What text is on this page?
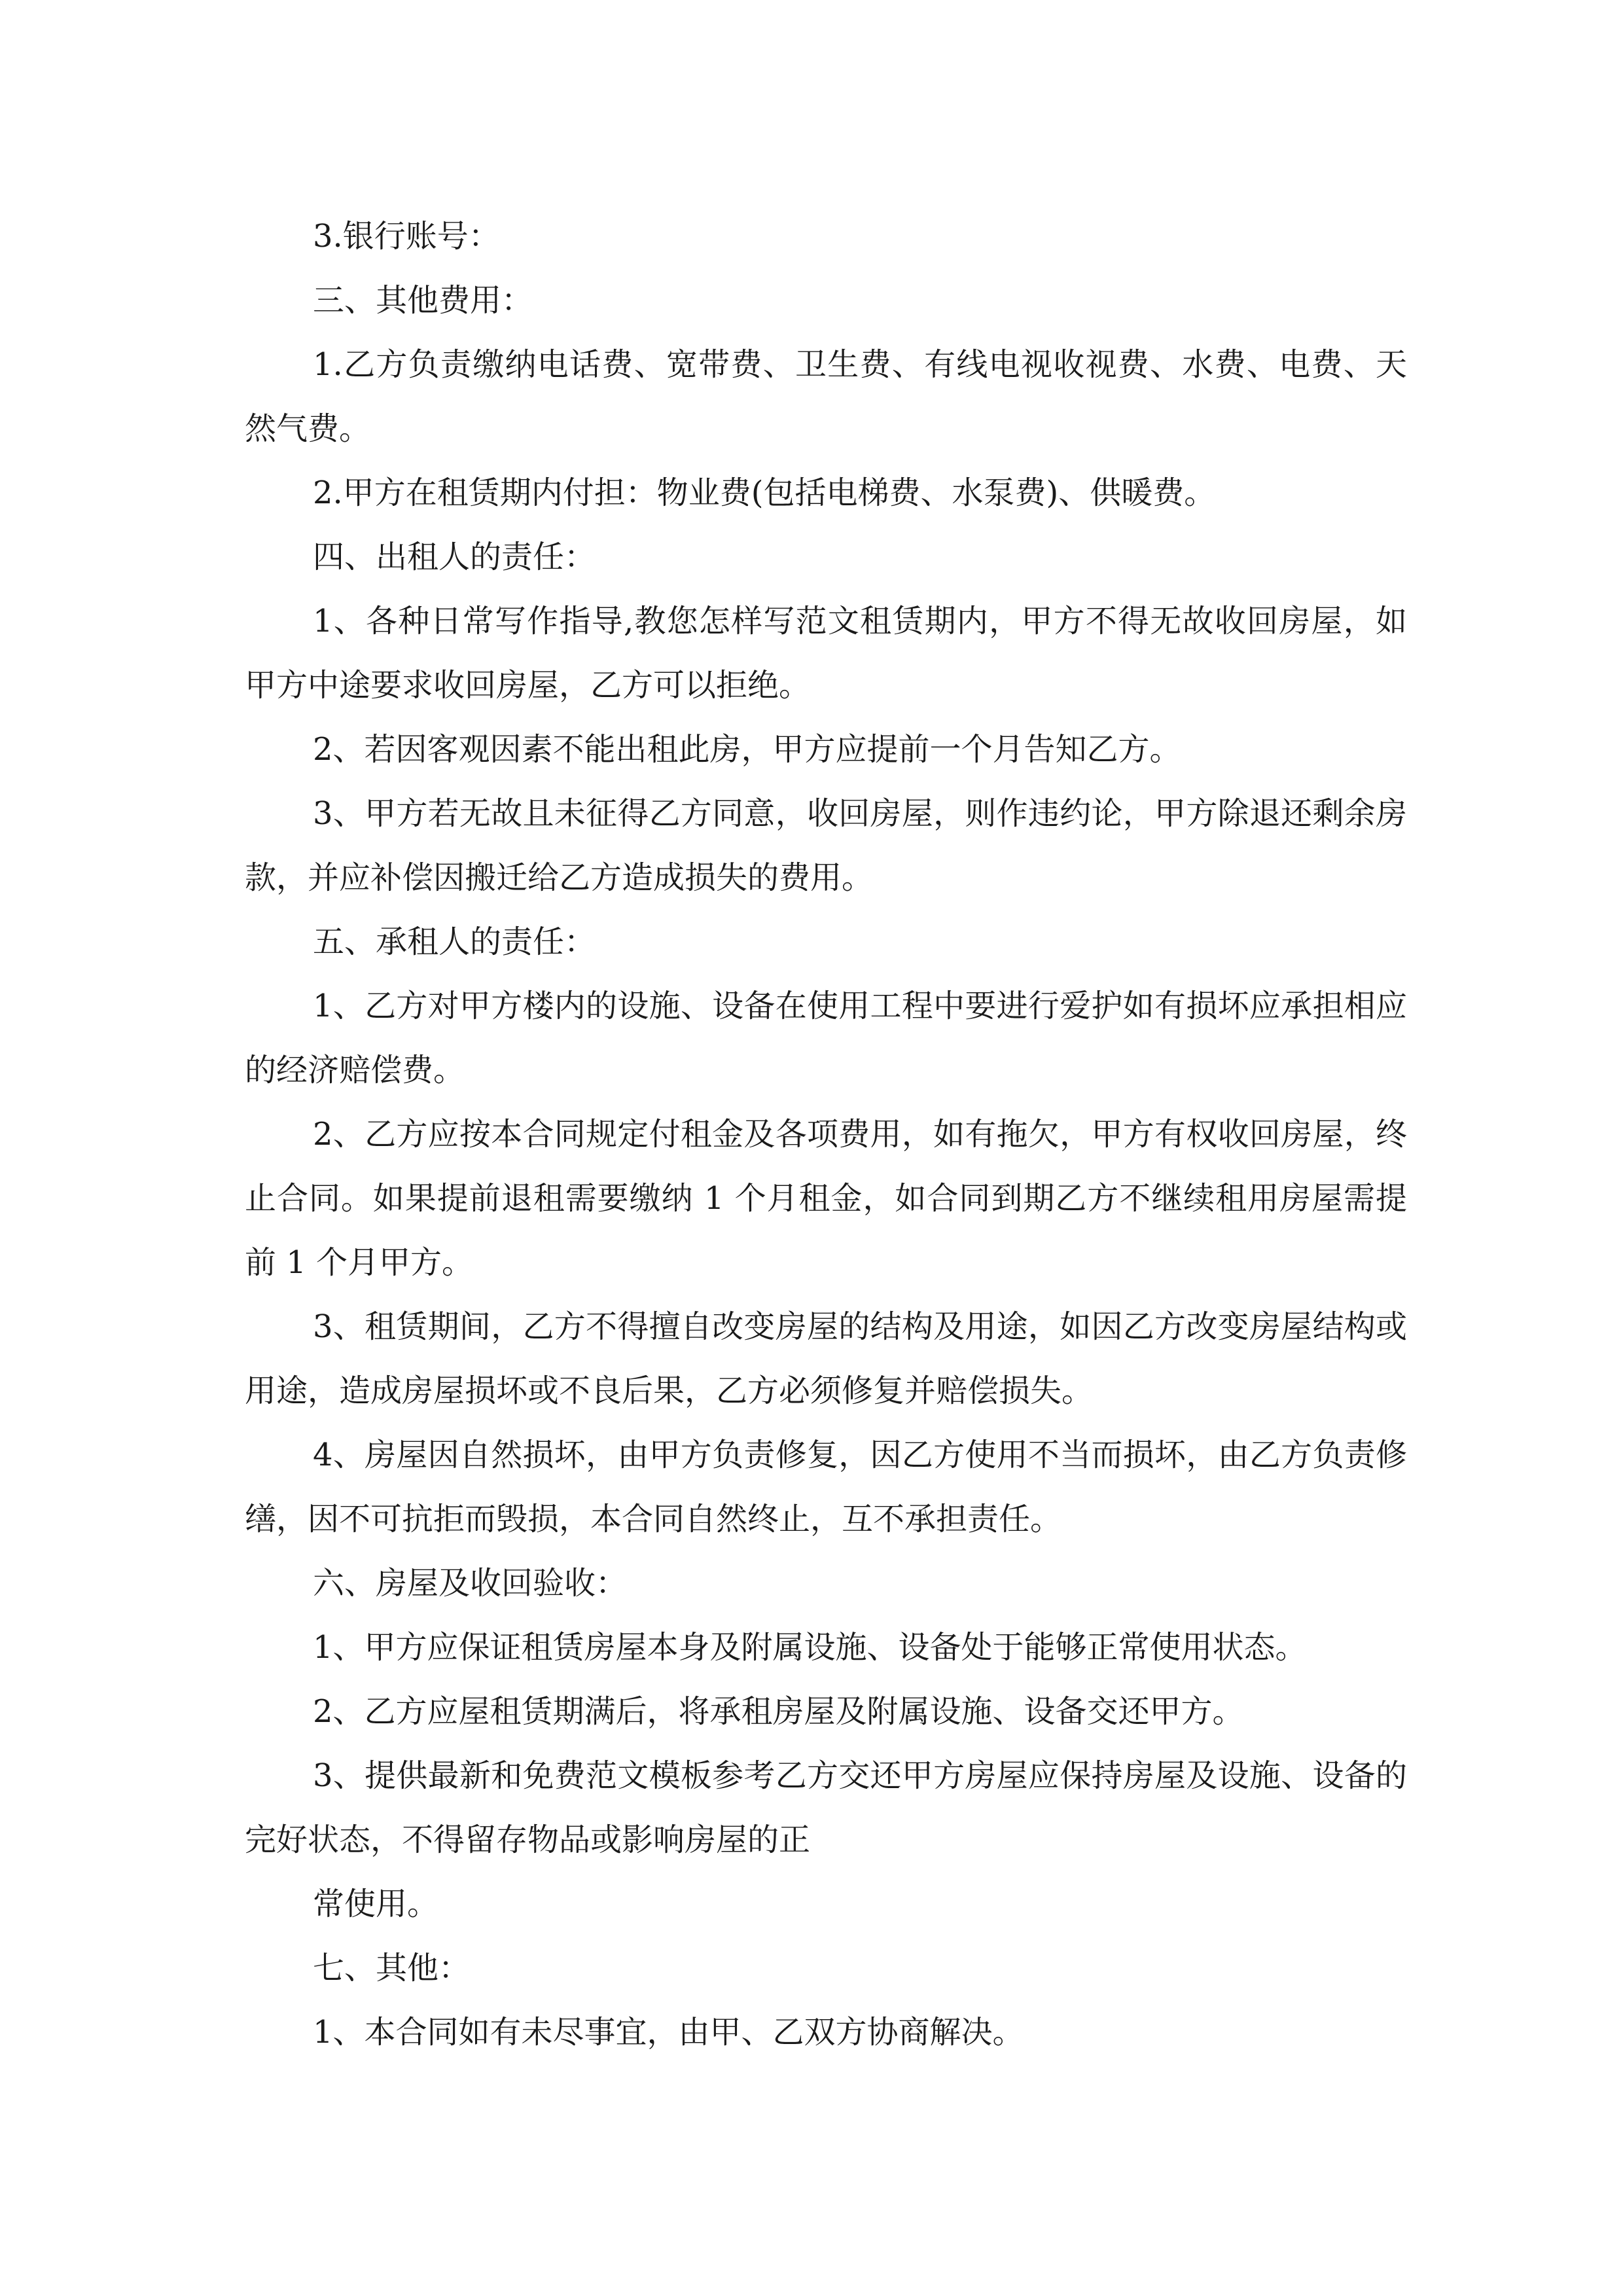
3.银行账号：

三、其他费用：

1.乙方负责缴纳电话费、宽带费、卫生费、有线电视收视费、水费、电费、天然气费。

2.甲方在租赁期内付担：物业费(包括电梯费、水泵费)、供暖费。

四、出租人的责任：

1、各种日常写作指导,教您怎样写范文租赁期内，甲方不得无故收回房屋，如甲方中途要求收回房屋，乙方可以拒绝。

2、若因客观因素不能出租此房，甲方应提前一个月告知乙方。

3、甲方若无故且未征得乙方同意，收回房屋，则作违约论，甲方除退还剩余房款，并应补偿因搬迁给乙方造成损失的费用。

五、承租人的责任：

1、乙方对甲方楼内的设施、设备在使用工程中要进行爱护如有损坏应承担相应的经济赔偿费。

2、乙方应按本合同规定付租金及各项费用，如有拖欠，甲方有权收回房屋，终止合同。如果提前退租需要缴纳 1 个月租金，如合同到期乙方不继续租用房屋需提前 1 个月甲方。

3、租赁期间，乙方不得擅自改变房屋的结构及用途，如因乙方改变房屋结构或用途，造成房屋损坏或不良后果，乙方必须修复并赔偿损失。

4、房屋因自然损坏，由甲方负责修复，因乙方使用不当而损坏，由乙方负责修缮，因不可抗拒而毁损，本合同自然终止，互不承担责任。

六、房屋及收回验收：

1、甲方应保证租赁房屋本身及附属设施、设备处于能够正常使用状态。

2、乙方应屋租赁期满后，将承租房屋及附属设施、设备交还甲方。

3、提供最新和免费范文模板参考乙方交还甲方房屋应保持房屋及设施、设备的完好状态，不得留存物品或影响房屋的正

常使用。

七、其他：

1、本合同如有未尽事宜，由甲、乙双方协商解决。
